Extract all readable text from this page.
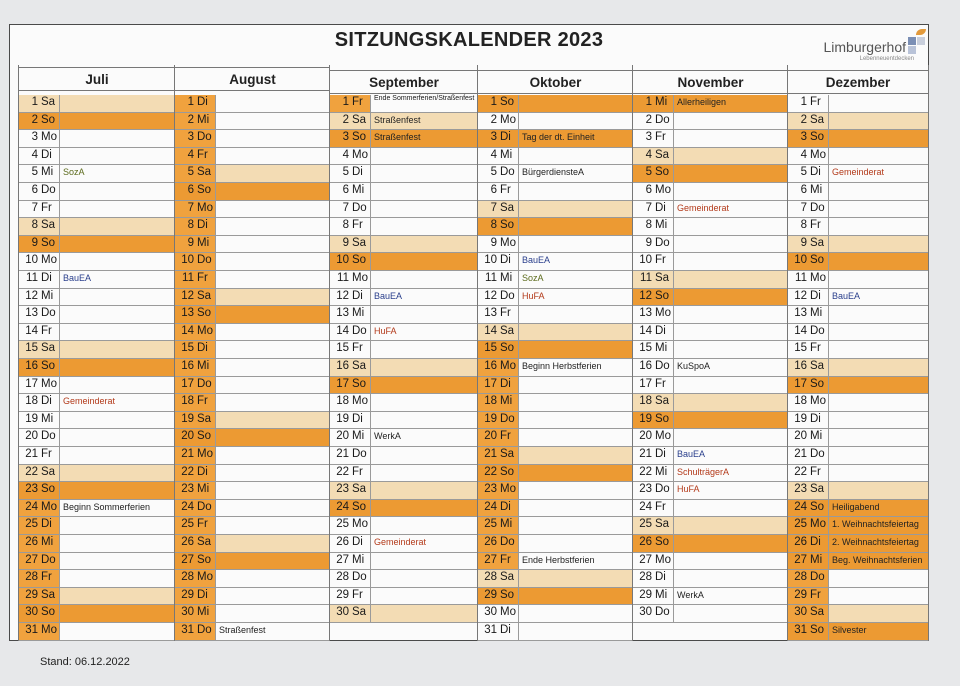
SITZUNGSKALENDER 2023	Limburgerhof
Lebenneuentdecken
Juli
1 Sa
2 So
3 Mo
4 Di
SozA
5 Mi
6 Do
7 Fr
8 Sa
9 So
10 Mo
BauEA
11 Di
12 Mi
13 Do
14 Fr
15 Sa
16 So
17 Mo
Gemeinderat
18 Di
19 Mi
20 Do
21 Fr
22 Sa
23 So
Beginn Sommerferien
24 Mo
25 Di
26 Mi
27 Do
28 Fr
29 Sa
30 So
31 Mo
August
1 Di
2 Mi
3 Do
4 Fr
5 Sa
6 So
7 Mo
8 Di
9 Mi
10 Do
11 Fr
12 Sa
13 So
14 Mo
15 Di
16 Mi
17 Do
18 Fr
19 Sa
20 So
21 Mo
22 Di
23 Mi
24 Do
25 Fr
26 Sa
27 So
28 Mo
29 Di
30 Mi
Straßenfest
31 Do
September
Ende Sommerferien/Straßenfest
1 Fr
Straßenfest
2 Sa
Straßenfest
3 So
4 Mo
5 Di
6 Mi
7 Do
8 Fr
9 Sa
10 So
11 Mo
BauEA
12 Di
13 Mi
HuFA
14 Do
15 Fr
16 Sa
17 So
18 Mo
19 Di
WerkA
20 Mi
21 Do
22 Fr
23 Sa
24 So
25 Mo
Gemeinderat
26 Di
27 Mi
28 Do
29 Fr
30 Sa
Oktober
1 So
2 Mo
Tag der dt. Einheit
3 Di
4 Mi
BürgerdiensteA
5 Do
6 Fr
7 Sa
8 So
9 Mo
BauEA
10 Di
SozA
11 Mi
HuFA
12 Do
13 Fr
14 Sa
15 So
Beginn Herbstferien
16 Mo
17 Di
18 Mi
19 Do
20 Fr
21 Sa
22 So
23 Mo
24 Di
25 Mi
26 Do
Ende Herbstferien
27 Fr
28 Sa
29 So
30 Mo
31 Di
November
Allerheiligen
1 Mi
2 Do
3 Fr
4 Sa
5 So
6 Mo
Gemeinderat
7 Di
8 Mi
9 Do
10 Fr
11 Sa
12 So
13 Mo
14 Di
15 Mi
KuSpoA
16 Do
17 Fr
18 Sa
19 So
20 Mo
BauEA
21 Di
SchulträgerA
22 Mi
HuFA
23 Do
24 Fr
25 Sa
26 So
27 Mo
28 Di
WerkA
29 Mi
30 Do
Dezember
1 Fr
2 Sa
3 So
4 Mo
Gemeinderat
5 Di
6 Mi
7 Do
8 Fr
9 Sa
10 So
11 Mo
BauEA
12 Di
13 Mi
14 Do
15 Fr
16 Sa
17 So
18 Mo
19 Di
20 Mi
21 Do
22 Fr
23 Sa
Heiligabend
24 So
1. Weihnachtsfeiertag
25 Mo
2. Weihnachtsfeiertag
26 Di
Beg. Weihnachtsferien
27 Mi
28 Do
29 Fr
30 Sa
Silvester
31 So
Stand: 06.12.2022
